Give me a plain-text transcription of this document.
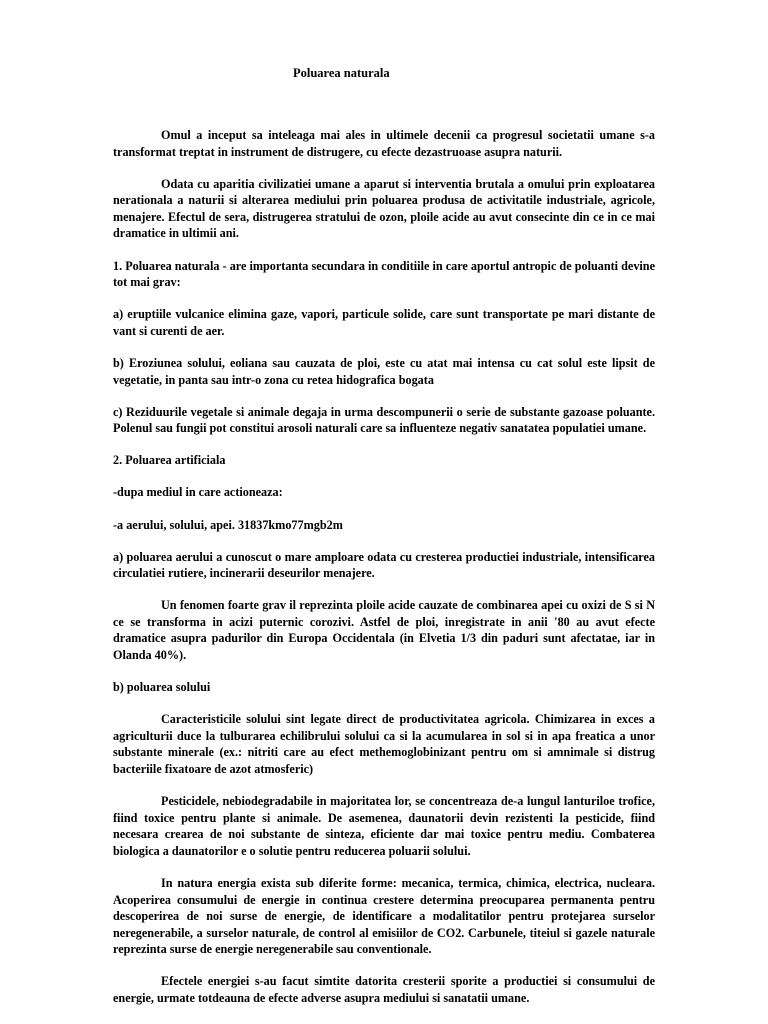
Poluarea naturala

Omul a inceput sa inteleaga mai ales in ultimele decenii ca progresul societatii umane s-a transformat treptat in instrument de distrugere, cu efecte dezastruoase asupra naturii.

Odata cu aparitia civilizatiei umane a aparut si interventia brutala a omului prin exploatarea nerationala a naturii si alterarea mediului prin poluarea produsa de activitatile industriale, agricole, menajere. Efectul de sera, distrugerea stratului de ozon, ploile acide au avut consecinte din ce in ce mai dramatice in ultimii ani.

1. Poluarea naturala - are importanta secundara in conditiile in care aportul antropic de poluanti devine tot mai grav:

a) eruptiile vulcanice elimina gaze, vapori, particule solide, care sunt transportate pe mari distante de vant si curenti de aer.

b) Eroziunea solului, eoliana sau cauzata de ploi, este cu atat mai intensa cu cat solul este lipsit de vegetatie, in panta sau intr-o zona cu retea hidografica bogata

c) Reziduurile vegetale si animale degaja in urma descompunerii o serie de substante gazoase poluante. Polenul sau fungii pot constitui arosoli naturali care sa influenteze negativ sanatatea populatiei umane.

2. Poluarea artificiala

-dupa mediul in care actioneaza:

-a aerului, solului, apei. 31837kmo77mgb2m

a) poluarea aerului a cunoscut o mare amploare odata cu cresterea productiei industriale, intensificarea circulatiei rutiere, incinerarii deseurilor menajere.

Un fenomen foarte grav il reprezinta ploile acide cauzate de combinarea apei cu oxizi de S si N ce se transforma in acizi puternic corozivi. Astfel de ploi, inregistrate in anii '80 au avut efecte dramatice asupra padurilor din Europa Occidentala (in Elvetia 1/3 din paduri sunt afectatae, iar in Olanda 40%).

b) poluarea solului

Caracteristicile solului sint legate direct de productivitatea agricola. Chimizarea in exces a agriculturii duce la tulburarea echilibrului solului ca si la acumularea in sol si in apa freatica a unor substante minerale (ex.: nitriti care au efect methemoglobinizant pentru om si amnimale si distrug bacteriile fixatoare de azot atmosferic)

Pesticidele, nebiodegradabile in majoritatea lor, se concentreaza de-a lungul lanturiloe trofice, fiind toxice pentru plante si animale. De asemenea, daunatorii devin rezistenti la pesticide, fiind necesara crearea de noi substante de sinteza, eficiente dar mai toxice pentru mediu. Combaterea biologica a daunatorilor e o solutie pentru reducerea poluarii solului.

In natura energia exista sub diferite forme: mecanica, termica, chimica, electrica, nucleara. Acoperirea consumului de energie in continua crestere determina preocuparea permanenta pentru descoperirea de noi surse de energie, de identificare a modalitatilor pentru protejarea surselor neregenerabile, a surselor naturale, de control al emisiilor de CO2. Carbunele, titeiul si gazele naturale reprezinta surse de energie neregenerabile sau conventionale.

Efectele energiei s-au facut simtite datorita cresterii sporite a productiei si consumului de energie, urmate totdeauna de efecte adverse asupra mediului si sanatatii umane.
